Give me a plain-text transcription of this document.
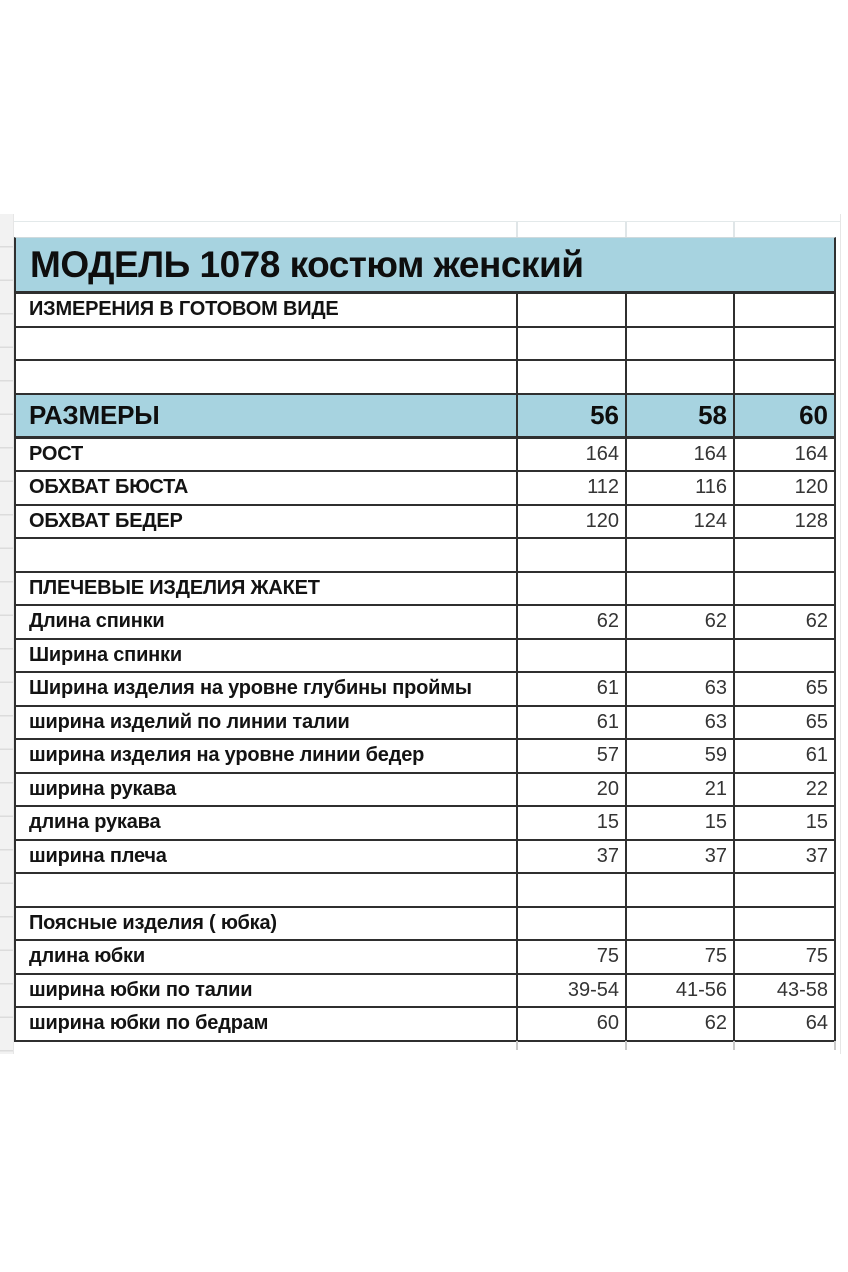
МОДЕЛЬ 1078 костюм женский
ИЗМЕРЕНИЯ В ГОТОВОМ ВИДЕ
РАЗМЕРЫ	56	58	60
РОСТ	164	164	164
ОБХВАТ БЮСТА	112	116	120
ОБХВАТ БЕДЕР	120	124	128
ПЛЕЧЕВЫЕ ИЗДЕЛИЯ ЖАКЕТ
Длина спинки	62	62	62
Ширина спинки
Ширина изделия на уровне глубины проймы	61	63	65
ширина изделий по линии талии	61	63	65
ширина изделия на уровне линии бедер	57	59	61
ширина рукава	20	21	22
длина рукава	15	15	15
ширина плеча	37	37	37
Поясные изделия ( юбка)
длина юбки	75	75	75
ширина юбки по талии	39-54	41-56	43-58
ширина юбки по бедрам	60	62	64
